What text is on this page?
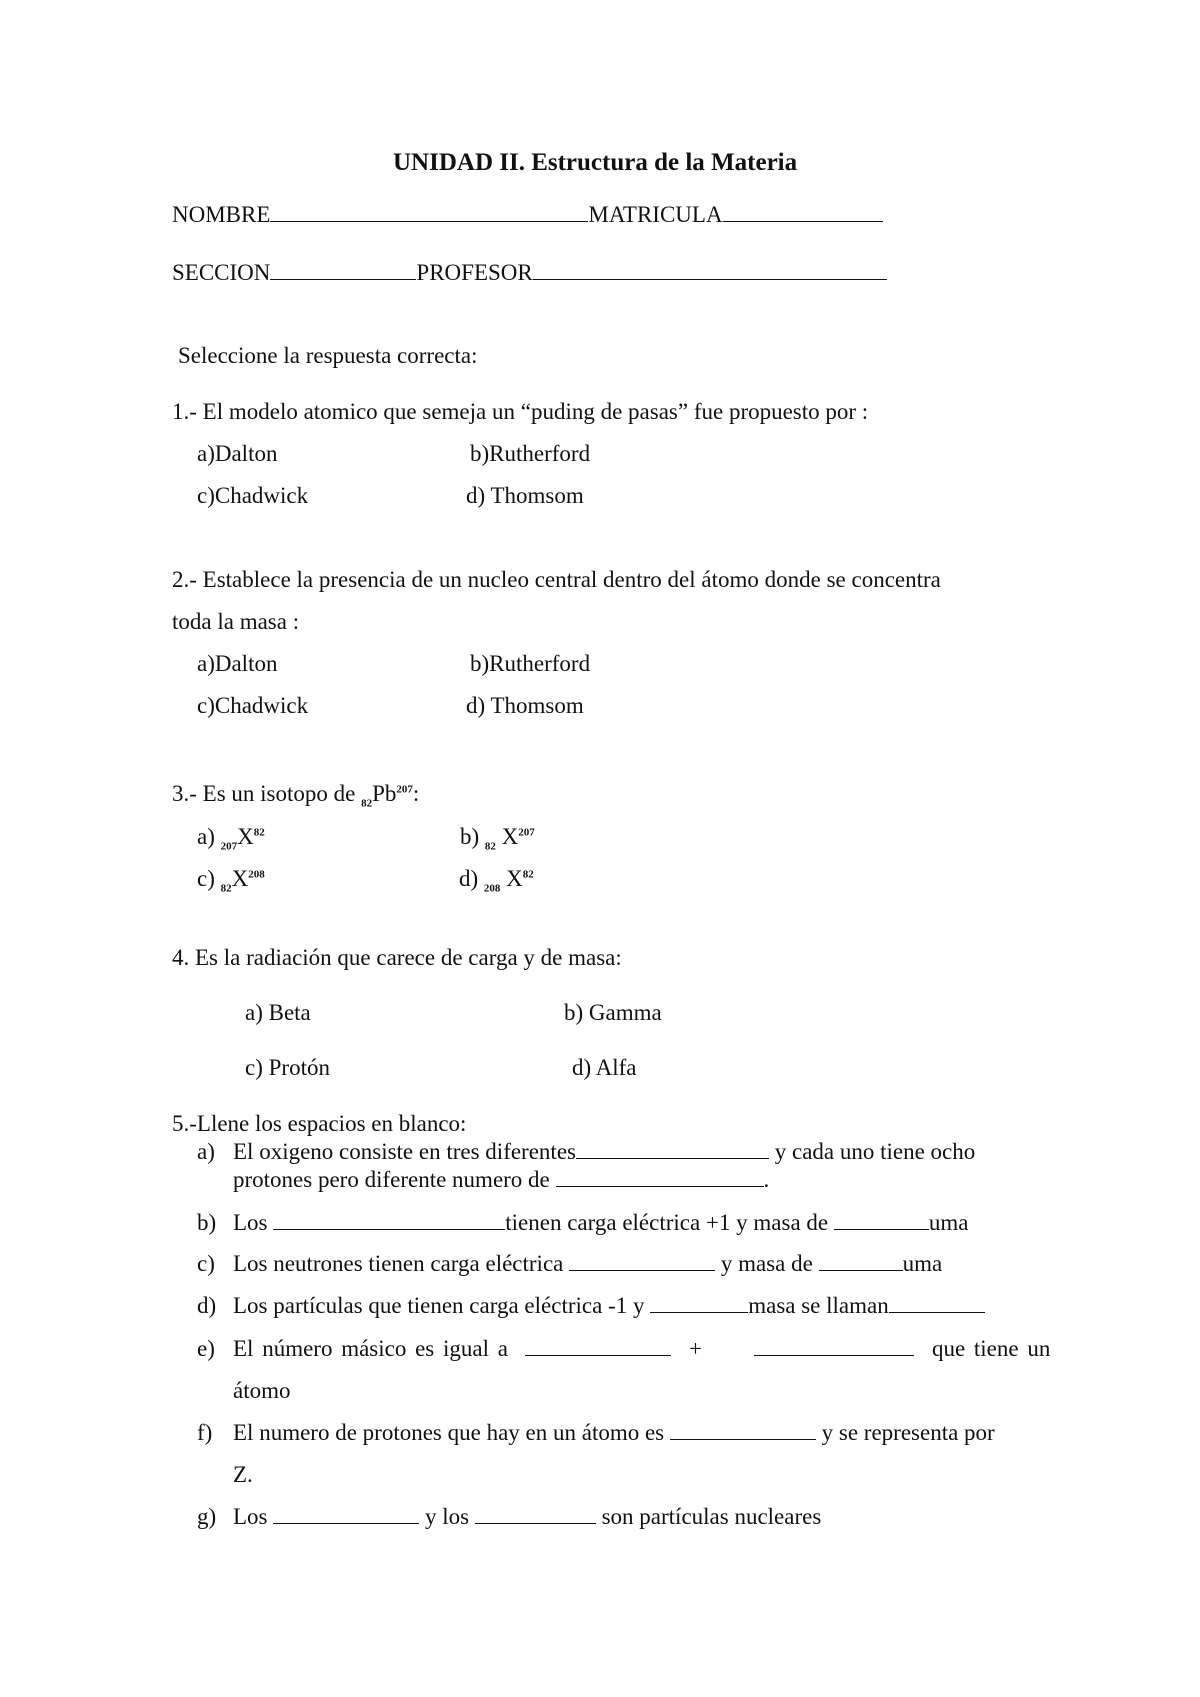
UNIDAD II. Estructura de la Materia
NOMBRE	MATRICULA
SECCION	PROFESOR
Seleccione la respuesta correcta:
1.- El modelo atomico que semeja un “puding de pasas” fue propuesto por :
a)Dalton	b)Rutherford
c)Chadwick	d) Thomsom
2.- Establece la presencia de un nucleo central dentro del átomo donde se concentra
toda la masa :
a)Dalton	b)Rutherford
c)Chadwick	d) Thomsom
3.- Es un isotopo de $_{82}Pb^{207}$:
a) $_{207}X^{82}$	b) $_{82}$ $X^{207}$
c) $_{82}X^{208}$	d) $_{208}$ $X^{82}$
4. Es la radiación que carece de carga y de masa:
a) Beta	b) Gamma
c) Protón	d) Alfa
5.-Llene los espacios en blanco:
a) El oxigeno consiste en tres diferentes	y cada uno tiene ocho
protones pero diferente numero de	.
b) Los	tienen carga eléctrica +1 y masa de	uma
c) Los neutrones tienen carga eléctrica	y masa de	uma
d) Los partículas que tienen carga eléctrica -1 y	masa se llaman
e) El número másico es igual a	+	que tiene un
átomo
f) El numero de protones que hay en un átomo es	y se representa por
Z.
g) Los	y los	son partículas nucleares
